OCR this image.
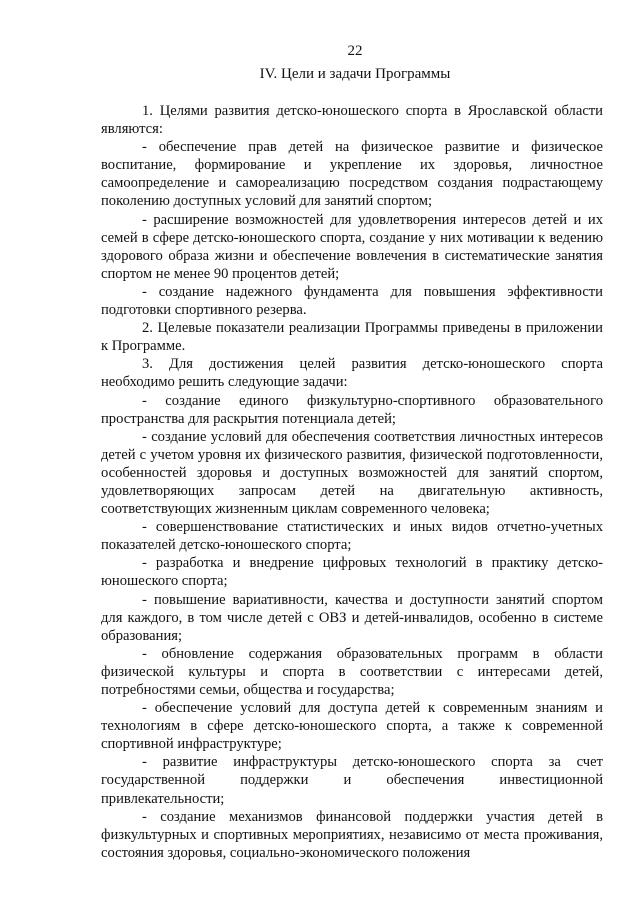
22
IV. Цели и задачи Программы

1. Целями развития детско-юношеского спорта в Ярославской области являются:

- обеспечение прав детей на физическое развитие и физическое воспитание, формирование и укрепление их здоровья, личностное самоопределение и самореализацию посредством создания подрастающему поколению доступных условий для занятий спортом;

- расширение возможностей для удовлетворения интересов детей и их семей в сфере детско-юношеского спорта, создание у них мотивации к ведению здорового образа жизни и обеспечение вовлечения в систематические занятия спортом не менее 90 процентов детей;

- создание надежного фундамента для повышения эффективности подготовки спортивного резерва.

2. Целевые показатели реализации Программы приведены в приложении к Программе.

3. Для достижения целей развития детско-юношеского спорта необходимо решить следующие задачи:

- создание единого физкультурно-спортивного образовательного пространства для раскрытия потенциала детей;

- создание условий для обеспечения соответствия личностных интересов детей с учетом уровня их физического развития, физической подготовленности, особенностей здоровья и доступных возможностей для занятий спортом, удовлетворяющих запросам детей на двигательную активность, соответствующих жизненным циклам современного человека;

- совершенствование статистических и иных видов отчетно-учетных показателей детско-юношеского спорта;

- разработка и внедрение цифровых технологий в практику детско-юношеского спорта;

- повышение вариативности, качества и доступности занятий спортом для каждого, в том числе детей с ОВЗ и детей-инвалидов, особенно в системе образования;

- обновление содержания образовательных программ в области физической культуры и спорта в соответствии с интересами детей, потребностями семьи, общества и государства;

- обеспечение условий для доступа детей к современным знаниям и технологиям в сфере детско-юношеского спорта, а также к современной спортивной инфраструктуре;

- развитие инфраструктуры детско-юношеского спорта за счет государственной поддержки и обеспечения инвестиционной привлекательности;

- создание механизмов финансовой поддержки участия детей в физкультурных и спортивных мероприятиях, независимо от места проживания, состояния здоровья, социально-экономического положения
